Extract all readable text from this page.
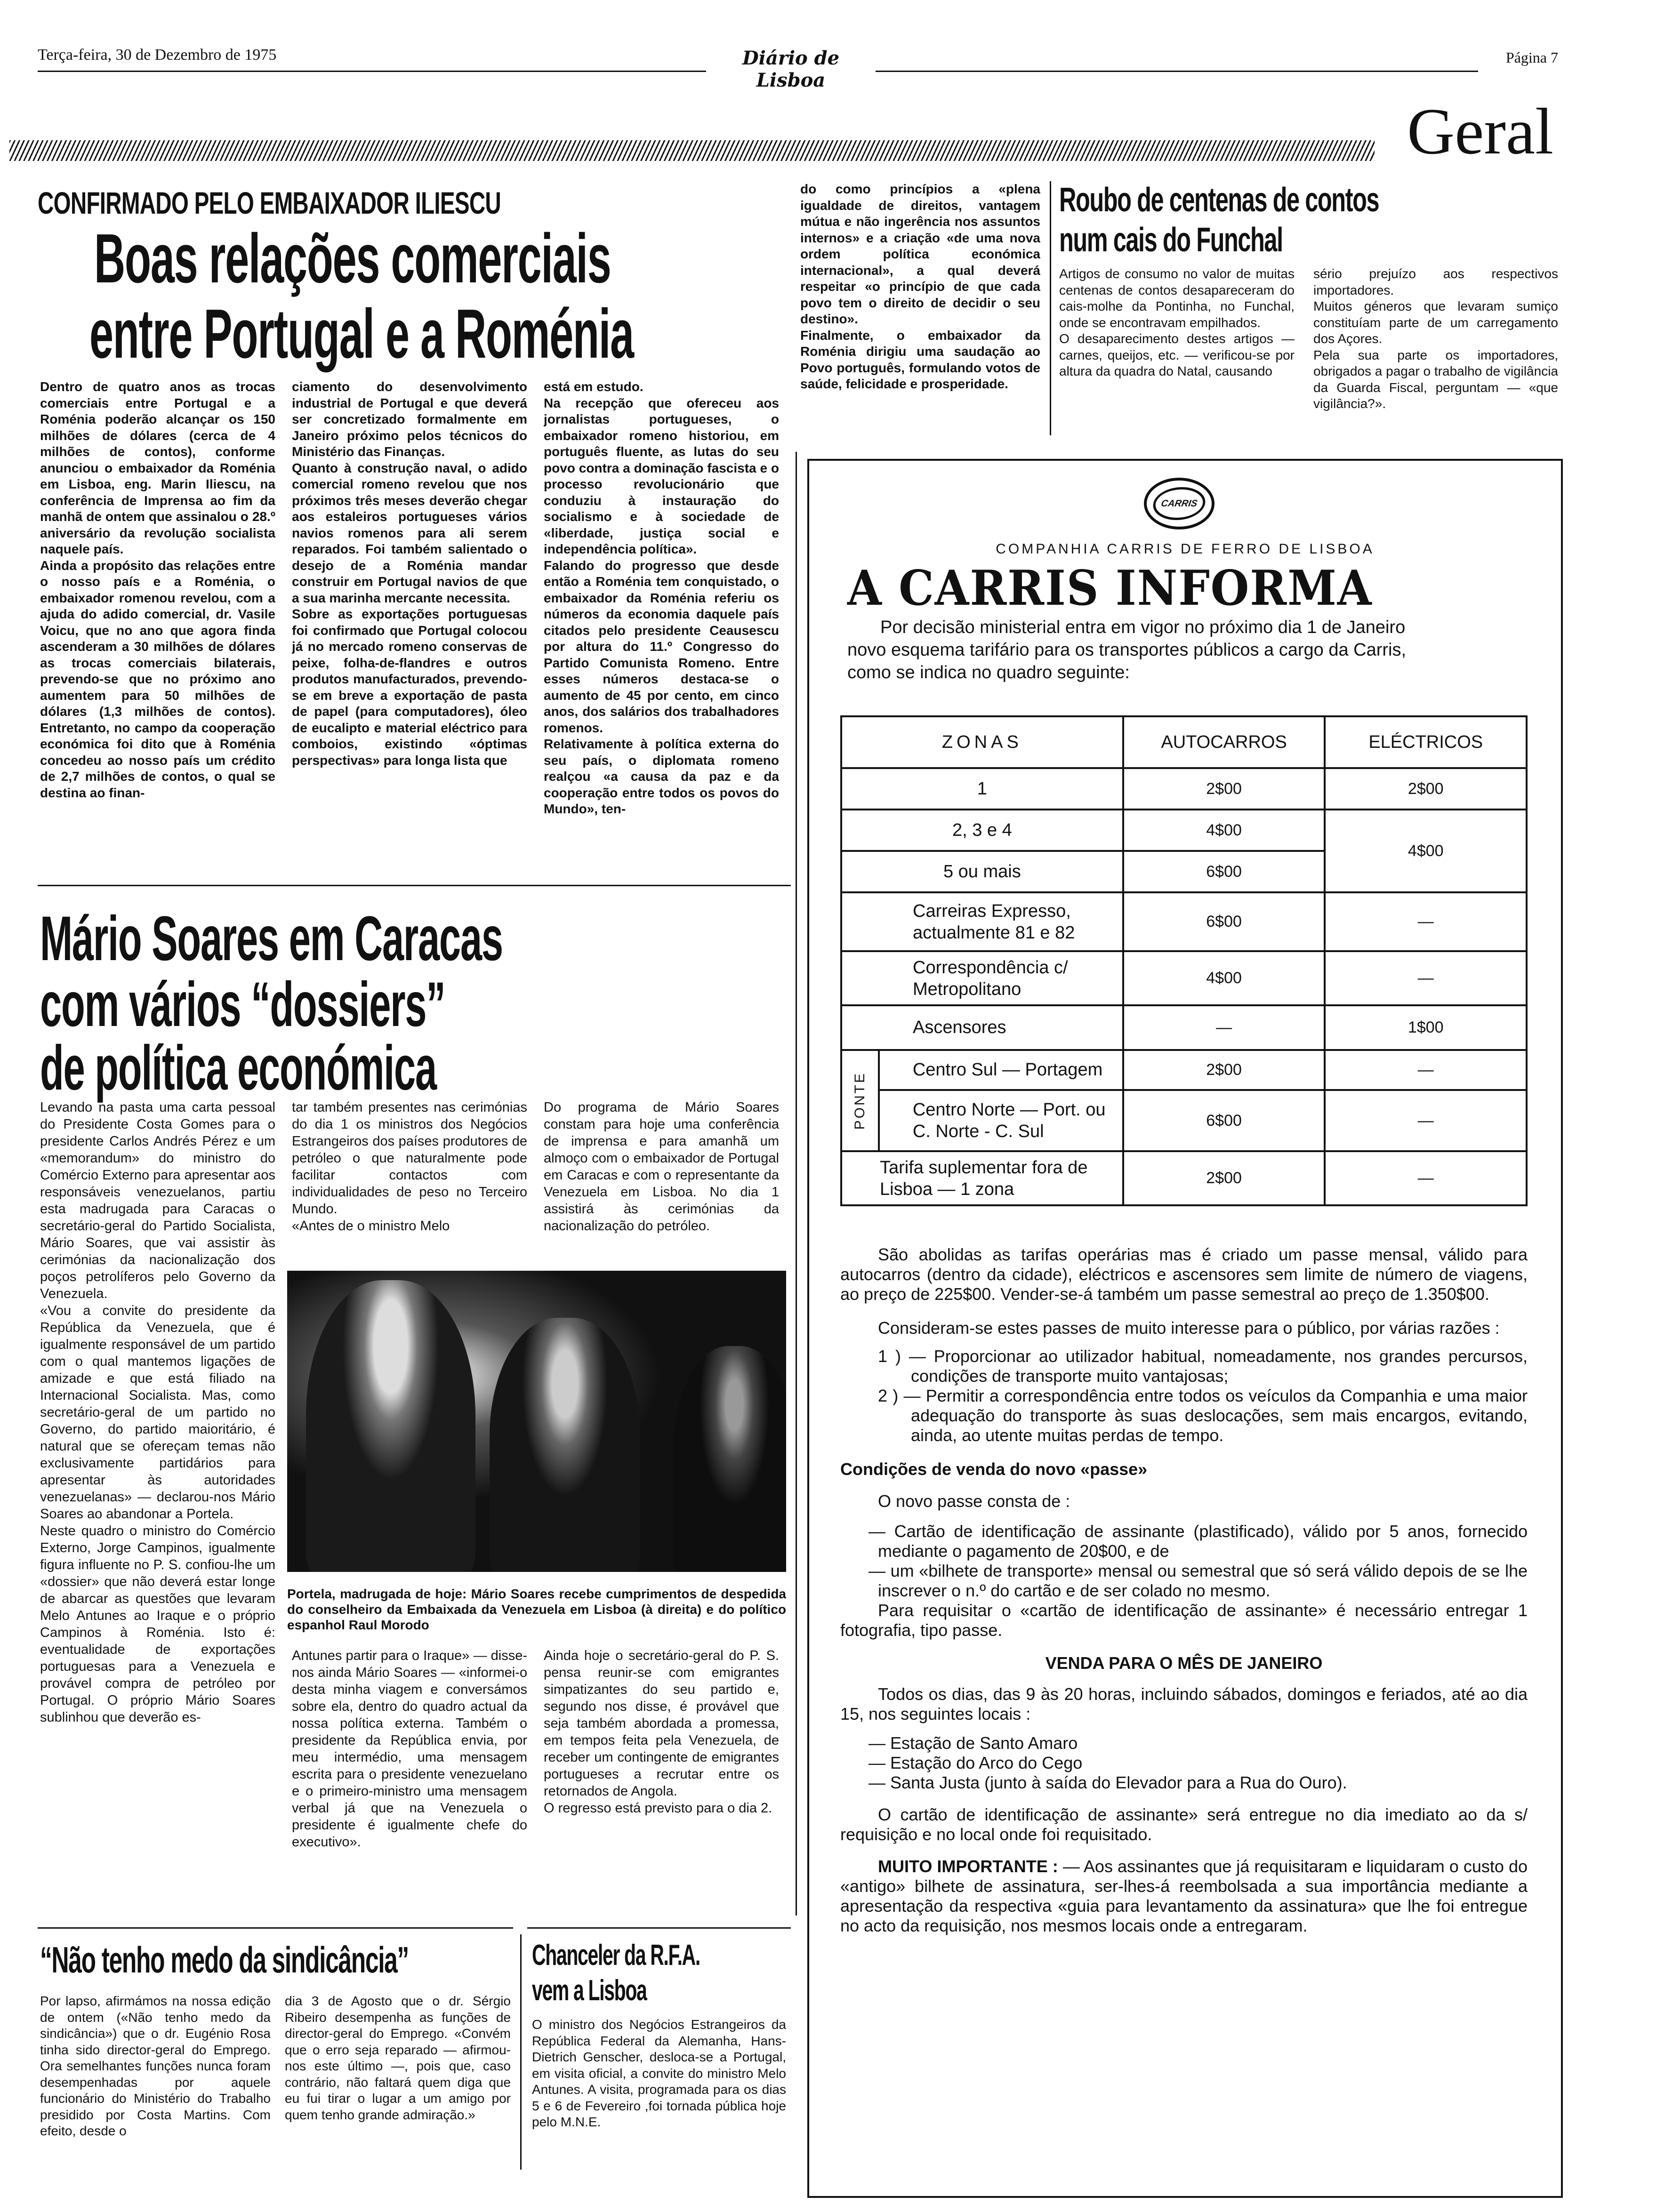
Terça-feira, 30 de Dezembro de 1975	Diário de Lisboa
Página 7
Geral
CONFIRMADO PELO EMBAIXADOR ILIESCU
Boas relações comerciais
entre Portugal e a Roménia
Dentro de quatro anos as trocas comerciais entre Portugal e a Roménia poderão alcançar os 150 milhões de dólares (cerca de 4 milhões de contos), conforme anunciou o embaixador da Roménia em Lisboa, eng. Marin Iliescu, na conferência de Imprensa ao fim da manhã de ontem que assinalou o 28.º aniversário da revolução socialista naquele país.
Ainda a propósito das relações entre o nosso país e a Roménia, o embaixador romenou revelou, com a ajuda do adido comercial, dr. Vasile Voicu, que no ano que agora finda ascenderam a 30 milhões de dólares as trocas comerciais bilaterais, prevendo-se que no próximo ano aumentem para 50 milhões de dólares (1,3 milhões de contos). Entretanto, no campo da cooperação económica foi dito que à Roménia concedeu ao nosso país um crédito de 2,7 milhões de contos, o qual se destina ao finan-
ciamento do desenvolvimento industrial de Portugal e que deverá ser concretizado formalmente em Janeiro próximo pelos técnicos do Ministério das Finanças.
Quanto à construção naval, o adido comercial romeno revelou que nos próximos três meses deverão chegar aos estaleiros portugueses vários navios romenos para ali serem reparados. Foi também salientado o desejo de a Roménia mandar construir em Portugal navios de que a sua marinha mercante necessita.
Sobre as exportações portuguesas foi confirmado que Portugal colocou já no mercado romeno conservas de peixe, folha-de-flandres e outros produtos manufacturados, prevendo-se em breve a exportação de pasta de papel (para computadores), óleo de eucalipto e material eléctrico para comboios, existindo «óptimas perspectivas» para longa lista que
está em estudo.
Na recepção que ofereceu aos jornalistas portugueses, o embaixador romeno historiou, em português fluente, as lutas do seu povo contra a dominação fascista e o processo revolucionário que conduziu à instauração do socialismo e à sociedade de «liberdade, justiça social e independência política».
Falando do progresso que desde então a Roménia tem conquistado, o embaixador da Roménia referiu os números da economia daquele país citados pelo presidente Ceausescu por altura do 11.º Congresso do Partido Comunista Romeno. Entre esses números destaca-se o aumento de 45 por cento, em cinco anos, dos salários dos trabalhadores romenos.
Relativamente à política externa do seu país, o diplomata romeno realçou «a causa da paz e da cooperação entre todos os povos do Mundo», ten-
do como princípios a «plena igualdade de direitos, vantagem mútua e não ingerência nos assuntos internos» e a criação «de uma nova ordem política económica internacional», a qual deverá respeitar «o princípio de que cada povo tem o direito de decidir o seu destino».
Finalmente, o embaixador da Roménia dirigiu uma saudação ao Povo português, formulando votos de saúde, felicidade e prosperidade.
Roubo de centenas de contos
num cais do Funchal
Artigos de consumo no valor de muitas centenas de contos desapareceram do cais-molhe da Pontinha, no Funchal, onde se encontravam empilhados.
O desaparecimento destes artigos — carnes, queijos, etc. — verificou-se por altura da quadra do Natal, causando
sério prejuízo aos respectivos importadores.
Muitos géneros que levaram sumiço constituíam parte de um carregamento dos Açores.
Pela sua parte os importadores, obrigados a pagar o trabalho de vigilância da Guarda Fiscal, perguntam — «que vigilância?».
Mário Soares em Caracas
com vários “dossiers”
de política económica
Levando na pasta uma carta pessoal do Presidente Costa Gomes para o presidente Carlos Andrés Pérez e um «memorandum» do ministro do Comércio Externo para apresentar aos responsáveis venezuelanos, partiu esta madrugada para Caracas o secretário-geral do Partido Socialista, Mário Soares, que vai assistir às cerimónias da nacionalização dos poços petrolíferos pelo Governo da Venezuela.
«Vou a convite do presidente da República da Venezuela, que é igualmente responsável de um partido com o qual mantemos ligações de amizade e que está filiado na Internacional Socialista. Mas, como secretário-geral de um partido no Governo, do partido maioritário, é natural que se ofereçam temas não exclusivamente partidários para apresentar às autoridades venezuelanas» — declarou-nos Mário Soares ao abandonar a Portela.
Neste quadro o ministro do Comércio Externo, Jorge Campinos, igualmente figura influente no P. S. confiou-lhe um «dossier» que não deverá estar longe de abarcar as questões que levaram Melo Antunes ao Iraque e o próprio Campinos à Roménia. Isto é: eventualidade de exportações portuguesas para a Venezuela e provável compra de petróleo por Portugal. O próprio Mário Soares sublinhou que deverão es-
tar também presentes nas cerimónias do dia 1 os ministros dos Negócios Estrangeiros dos países produtores de petróleo o que naturalmente pode facilitar contactos com individualidades de peso no Terceiro Mundo.
«Antes de o ministro Melo
Do programa de Mário Soares constam para hoje uma conferência de imprensa e para amanhã um almoço com o embaixador de Portugal em Caracas e com o representante da Venezuela em Lisboa. No dia 1 assistirá às cerimónias da nacionalização do petróleo.
Portela, madrugada de hoje: Mário Soares recebe cumprimentos de despedida do conselheiro da Embaixada da Venezuela em Lisboa (à direita) e do político espanhol Raul Morodo
Antunes partir para o Iraque» — disse-nos ainda Mário Soares — «informei-o desta minha viagem e conversámos sobre ela, dentro do quadro actual da nossa política externa. Também o presidente da República envia, por meu intermédio, uma mensagem escrita para o presidente venezuelano e o primeiro-ministro uma mensagem verbal já que na Venezuela o presidente é igualmente chefe do executivo».
Ainda hoje o secretário-geral do P. S. pensa reunir-se com emigrantes simpatizantes do seu partido e, segundo nos disse, é provável que seja também abordada a promessa, em tempos feita pela Venezuela, de receber um contingente de emigrantes portugueses a recrutar entre os retornados de Angola.
O regresso está previsto para o dia 2.
“Não tenho medo da sindicância”
Por lapso, afirmámos na nossa edição de ontem («Não tenho medo da sindicância») que o dr. Eugénio Rosa tinha sido director-geral do Emprego. Ora semelhantes funções nunca foram desempenhadas por aquele funcionário do Ministério do Trabalho presidido por Costa Martins. Com efeito, desde o
dia 3 de Agosto que o dr. Sérgio Ribeiro desempenha as funções de director-geral do Emprego. «Convém que o erro seja reparado — afirmou-nos este último —, pois que, caso contrário, não faltará quem diga que eu fui tirar o lugar a um amigo por quem tenho grande admiração.»
Chanceler da R.F.A.
vem a Lisboa
O ministro dos Negócios Estrangeiros da República Federal da Alemanha, Hans-Dietrich Genscher, desloca-se a Portugal, em visita oficial, a convite do ministro Melo Antunes. A visita, programada para os dias 5 e 6 de Fevereiro ,foi tornada pública hoje pelo M.N.E.
CARRIS
COMPANHIA CARRIS DE FERRO DE LISBOA
A CARRIS INFORMA
Por decisão ministerial entra em vigor no próximo dia 1 de Janeiro
novo esquema tarifário para os transportes públicos a cargo da Carris,
como se indica no quadro seguinte:
ZONAS		AUTOCARROS	ELÉCTRICOS
1		2$00	2$00
2, 3 e 4		4$00	4$00
5 ou mais		6$00	
Carreiras Expresso, actualmente 81 e 82		6$00	—
Correspondência c/ Metropolitano		4$00	—
Ascensores		—	1$00

PONTE	Centro Sul — Portagem	2$00	—
	Centro Norte — Port. ou C. Norte - C. Sul	6$00	—
Tarifa suplementar fora de Lisboa — 1 zona		2$00	—

São abolidas as tarifas operárias mas é criado um passe mensal, válido para autocarros (dentro da cidade), eléctricos e ascensores sem limite de número de viagens, ao preço de 225$00. Vender-se-á também um passe semestral ao preço de 1.350$00.

Consideram-se estes passes de muito interesse para o público, por várias razões :

1 ) — Proporcionar ao utilizador habitual, nomeadamente, nos grandes percursos, condições de transporte muito vantajosas;

2 ) — Permitir a correspondência entre todos os veículos da Companhia e uma maior adequação do transporte às suas deslocações, sem mais encargos, evitando, ainda, ao utente muitas perdas de tempo.

Condições de venda do novo «passe»

O novo passe consta de :

— Cartão de identificação de assinante (plastificado), válido por 5 anos, fornecido mediante o pagamento de 20$00, e de

— um «bilhete de transporte» mensal ou semestral que só será válido depois de se lhe inscrever o n.º do cartão e de ser colado no mesmo.

Para requisitar o «cartão de identificação de assinante» é necessário entregar 1 fotografia, tipo passe.

VENDA PARA O MÊS DE JANEIRO

Todos os dias, das 9 às 20 horas, incluindo sábados, domingos e feriados, até ao dia 15, nos seguintes locais :

— Estação de Santo Amaro

— Estação do Arco do Cego

— Santa Justa (junto à saída do Elevador para a Rua do Ouro).

O cartão de identificação de assinante» será entregue no dia imediato ao da s/ requisição e no local onde foi requisitado.

MUITO IMPORTANTE : — Aos assinantes que já requisitaram e liquidaram o custo do «antigo» bilhete de assinatura, ser-lhes-á reembolsada a sua importância mediante a apresentação da respectiva «guia para levantamento da assinatura» que lhe foi entregue no acto da requisição, nos mesmos locais onde a entregaram.
